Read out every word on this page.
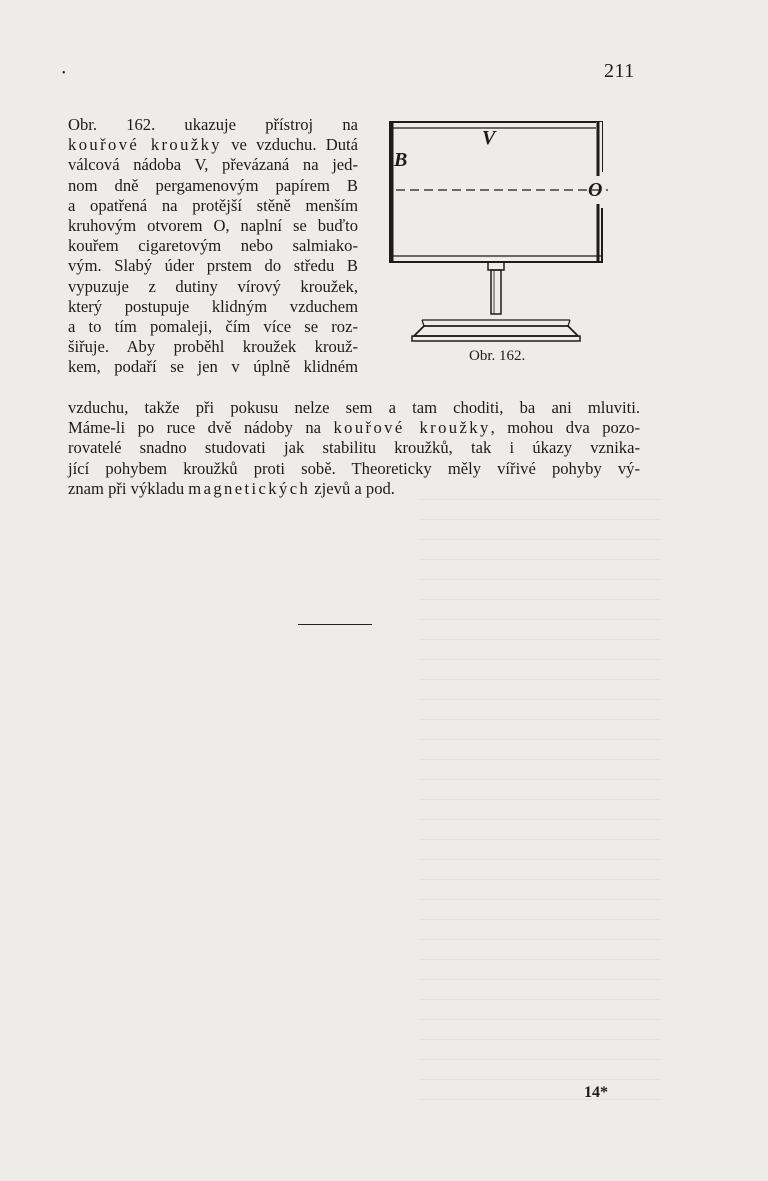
•	211
Obr. 162. ukazuje přístroj na
kouřové kroužky ve vzduchu. Dutá
válcová nádoba V, převázaná na jed-
nom dně pergamenovým papírem B
a opatřená na protější stěně menším
kruhovým otvorem O, naplní se buďto
kouřem cigaretovým nebo salmiako-
vým. Slabý úder prstem do středu B
vypuzuje z dutiny vírový kroužek,
který postupuje klidným vzduchem
a to tím pomaleji, čím více se roz-
šiřuje. Aby proběhl kroužek krouž-
kem, podaří se jen v úplně klidném
V
B
O
Obr. 162.
vzduchu, takže při pokusu nelze sem a tam choditi, ba ani mluviti.
Máme-li po ruce dvě nádoby na kouřové kroužky, mohou dva pozo-
rovatelé snadno studovati jak stabilitu kroužků, tak i úkazy vznika-
jící pohybem kroužků proti sobě. Theoreticky měly vířivé pohyby vý-
znam při výkladu magnetických zjevů a pod.
14*
